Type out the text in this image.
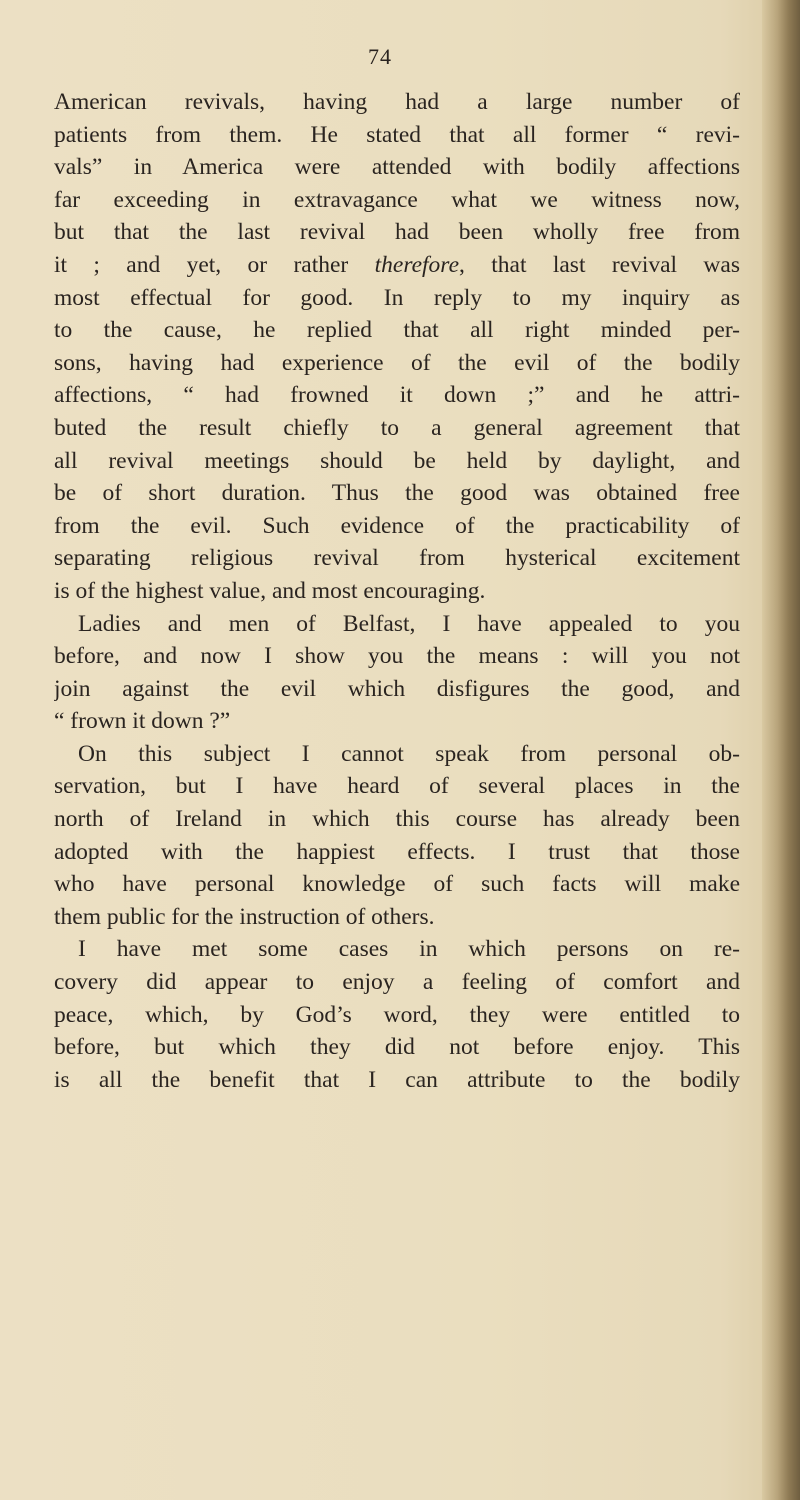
74
American revivals, having had a large number of
patients from them. He stated that all former “ revi-
vals” in America were attended with bodily affections
far exceeding in extravagance what we witness now,
but that the last revival had been wholly free from
it ; and yet, or rather therefore, that last revival was
most effectual for good. In reply to my inquiry as
to the cause, he replied that all right minded per-
sons, having had experience of the evil of the bodily
affections, “ had frowned it down ;” and he attri-
buted the result chiefly to a general agreement that
all revival meetings should be held by daylight, and
be of short duration. Thus the good was obtained free
from the evil. Such evidence of the practicability of
separating religious revival from hysterical excitement
is of the highest value, and most encouraging.
Ladies and men of Belfast, I have appealed to you
before, and now I show you the means : will you not
join against the evil which disfigures the good, and
“ frown it down ?”
On this subject I cannot speak from personal ob-
servation, but I have heard of several places in the
north of Ireland in which this course has already been
adopted with the happiest effects. I trust that those
who have personal knowledge of such facts will make
them public for the instruction of others.
I have met some cases in which persons on re-
covery did appear to enjoy a feeling of comfort and
peace, which, by God’s word, they were entitled to
before, but which they did not before enjoy. This
is all the benefit that I can attribute to the bodily
